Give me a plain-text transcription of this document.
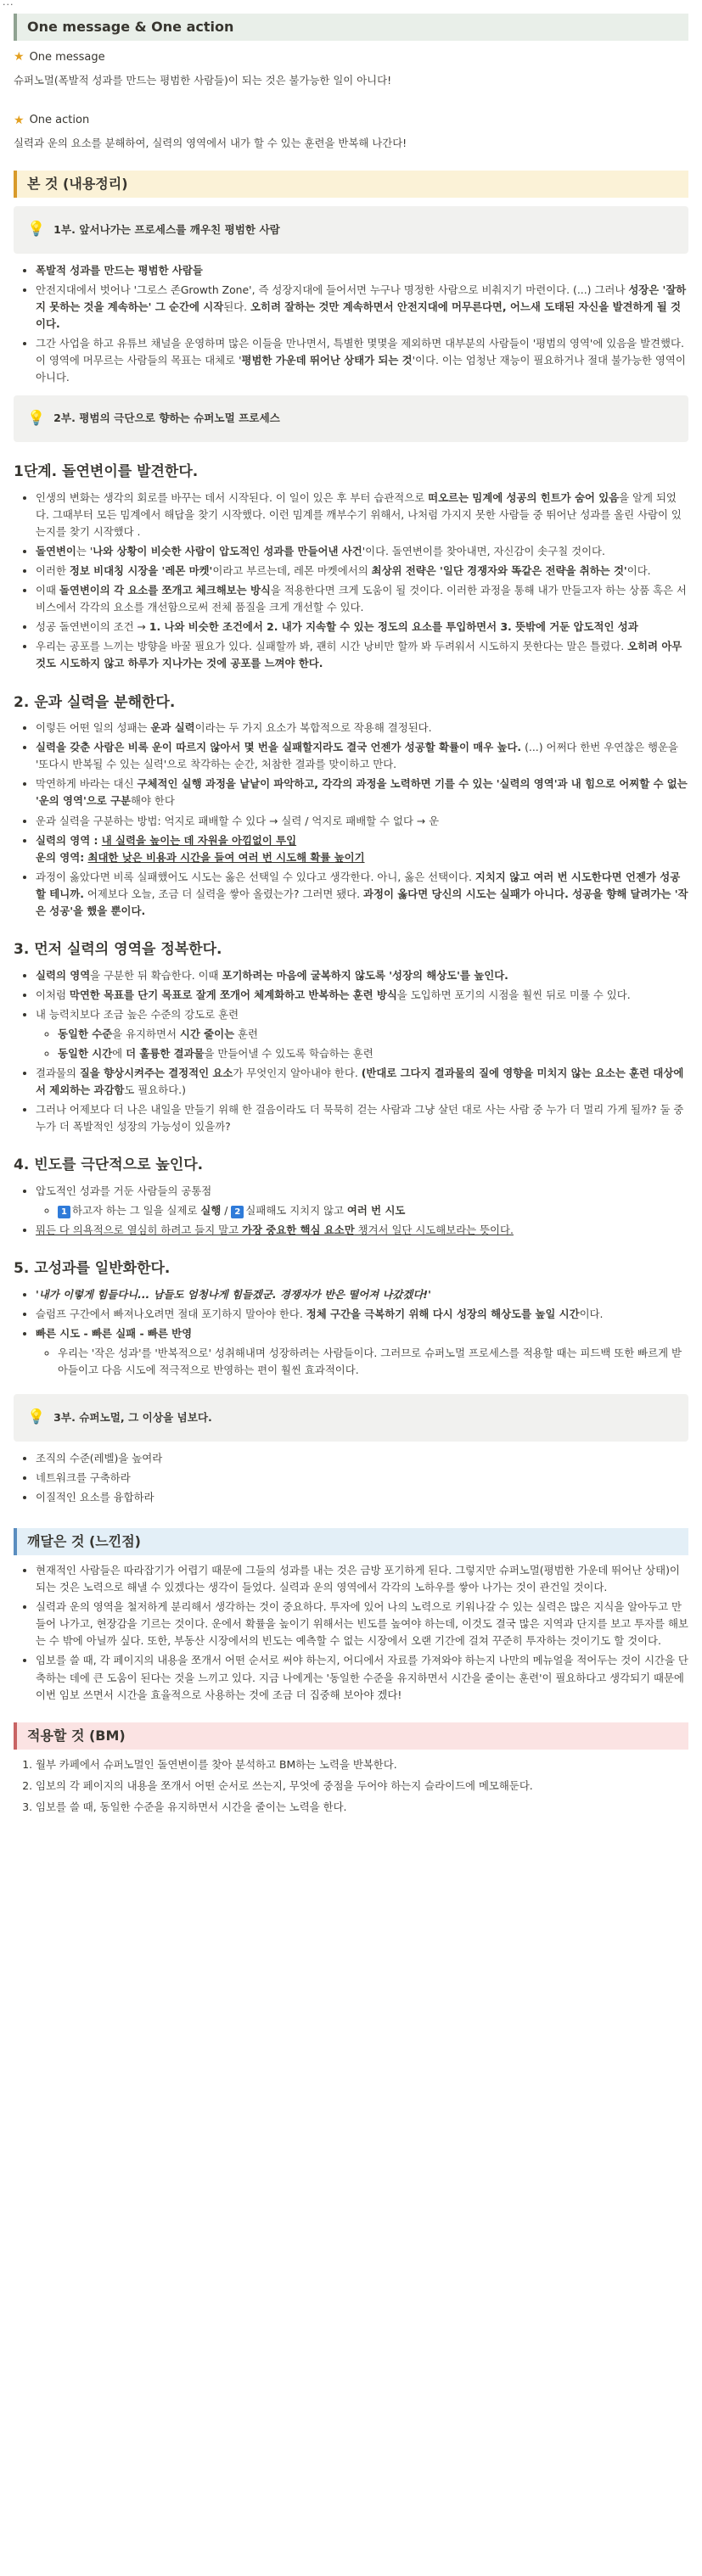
···
One message & One action
★ One message
슈퍼노멀(폭발적 성과를 만드는 평범한 사람들)이 되는 것은 불가능한 일이 아니다!
★ One action
실력과 운의 요소를 분해하여, 실력의 영역에서 내가 할 수 있는 훈련을 반복해 나간다!
본 것 (내용정리)
💡 1부. 앞서나가는 프로세스를 깨우친 평범한 사람
• 폭발적 성과를 만드는 평범한 사람들
• 안전지대에서 벗어나 '그로스 존Growth Zone', 즉 성장지대에 들어서면 누구나 명정한 사람으로 비춰지기 마련이다. (...) 그러나 성장은 '잘하지 못하는 것을 계속하는' 그 순간에 시작된다. 오히려 잘하는 것만 계속하면서 안전지대에 머무른다면, 어느새 도태된 자신을 발견하게 될 것이다.
• 그간 사업을 하고 유튜브 채널을 운영하며 많은 이들을 만나면서, 특별한 몇몇을 제외하면 대부분의 사람들이 '평범의 영역'에 있음을 발견했다. 이 영역에 머무르는 사람들의 목표는 대체로 '평범한 가운데 뛰어난 상태가 되는 것'이다. 이는 엄청난 재능이 필요하거나 절대 불가능한 영역이 아니다.
💡 2부. 평범의 극단으로 향하는 슈퍼노멀 프로세스
1단계. 돌연변이를 발견한다.
• 인생의 변화는 생각의 회로를 바꾸는 데서 시작된다. 이 일이 있은 후 부터 습관적으로 떠오르는 밈계에 성공의 힌트가 숨어 있음을 알게 되었다. 그때부터 모든 밈계에서 해답을 찾기 시작했다. 이런 밈계를 깨부수기 위해서, 나처럼 가지지 못한 사람들 중 뛰어난 성과를 올린 사람이 있는지를 찾기 시작했다 .
• 돌연변이는 '나와 상황이 비슷한 사람이 압도적인 성과를 만들어낸 사건'이다. 돌연변이를 찾아내면, 자신감이 솟구칠 것이다.
• 이러한 정보 비대칭 시장을 '레몬 마켓'이라고 부르는데, 레몬 마켓에서의 최상위 전략은 '일단 경쟁자와 똑같은 전략을 취하는 것'이다.
• 이때 돌연변이의 각 요소를 쪼개고 체크해보는 방식을 적용한다면 크게 도움이 될 것이다. 이러한 과정을 통해 내가 만들고자 하는 상품 혹은 서비스에서 각각의 요소를 개선함으로써 전체 품질을 크게 개선할 수 있다.
• 성공 돌연변이의 조건 → 1. 나와 비슷한 조건에서 2. 내가 지속할 수 있는 정도의 요소를 투입하면서 3. 뜻밖에 거둔 압도적인 성과
• 우리는 공포를 느끼는 방향을 바꿀 필요가 있다. 실패할까 봐, 괜히 시간 낭비만 할까 봐 두려워서 시도하지 못한다는 말은 틀렸다. 오히려 아무것도 시도하지 않고 하루가 지나가는 것에 공포를 느껴야 한다.
2. 운과 실력을 분해한다.
• 이렇든 어떤 일의 성패는 운과 실력이라는 두 가지 요소가 복합적으로 작용해 결정된다.
• 실력을 갖춘 사람은 비록 운이 따르지 않아서 몇 번을 실패할지라도 결국 언젠가 성공할 확률이 매우 높다. (...) 어쩌다 한번 우연찮은 행운을 '또다시 반복될 수 있는 실력'으로 착각하는 순간, 처참한 결과를 맞이하고 만다.
• 막연하게 바라는 대신 구체적인 실행 과정을 낱낱이 파악하고, 각각의 과정을 노력하면 기를 수 있는 '실력의 영역'과 내 힘으로 어찌할 수 없는 '운의 영역'으로 구분해야 한다
• 운과 실력을 구분하는 방법: 억지로 패배할 수 있다 → 실력 / 억지로 패배할 수 없다 → 운
• 실력의 영역 : 내 실력을 높이는 데 자원을 아낌없이 투입
운의 영역: 최대한 낮은 비용과 시간을 들여 여러 번 시도해 확률 높이기
• 과정이 옳았다면 비록 실패했어도 시도는 옳은 선택일 수 있다고 생각한다. 아니, 옳은 선택이다. 지치지 않고 여러 번 시도한다면 언젠가 성공할 테니까. 어제보다 오늘, 조금 더 실력을 쌓아 올렸는가? 그러면 됐다. 과정이 옳다면 당신의 시도는 실패가 아니다. 성공을 향해 달려가는 '작은 성공'을 했을 뿐이다.
3. 먼저 실력의 영역을 정복한다.
• 실력의 영역을 구분한 뒤 확습한다. 이때 포기하려는 마음에 굴복하지 않도록 '성장의 해상도'를 높인다.
• 이처럼 막연한 목표를 단기 목표로 잘게 쪼개어 체계화하고 반복하는 훈련 방식을 도입하면 포기의 시점을 훨씬 뒤로 미룰 수 있다.
• 내 능력치보다 조금 높은 수준의 강도로 훈련
◦ 동일한 수준을 유지하면서 시간 줄이는 훈련
◦ 동일한 시간에 더 훌륭한 결과물을 만들어낼 수 있도록 학습하는 훈련
• 결과물의 질을 향상시켜주는 결정적인 요소가 무엇인지 알아내야 한다. (반대로 그다지 결과물의 질에 영향을 미치지 않는 요소는 훈련 대상에서 제외하는 과감함도 필요하다.)
• 그러나 어제보다 더 나은 내일을 만들기 위해 한 걸음이라도 더 묵묵히 걷는 사람과 그냥 살던 대로 사는 사람 중 누가 더 멀리 가게 될까? 둘 중 누가 더 폭발적인 성장의 가능성이 있을까?
4. 빈도를 극단적으로 높인다.
• 압도적인 성과를 거둔 사람들의 공통점
◦ 1 하고자 하는 그 일을 실제로 실행 / 2 실패해도 지치지 않고 여러 번 시도
• 뭐든 다 의욕적으로 열심히 하려고 들지 말고 가장 중요한 핵심 요소만 챙겨서 일단 시도해보라는 뜻이다.
5. 고성과를 일반화한다.
• '내가 이렇게 힘들다니... 남들도 엄청나게 힘들겠군. 경쟁자가 반은 떨어져 나갔겠다!'
• 슬럼프 구간에서 빠져나오려면 절대 포기하지 말아야 한다. 정체 구간을 극복하기 위해 다시 성장의 해상도를 높일 시간이다.
• 빠른 시도 - 빠른 실패 - 빠른 반영
◦ 우리는 '작은 성과'를 '반복적으로' 성취해내며 성장하려는 사람들이다. 그러므로 슈퍼노멀 프로세스를 적용할 때는 피드백 또한 빠르게 받아들이고 다음 시도에 적극적으로 반영하는 편이 훨씬 효과적이다.
💡 3부. 슈퍼노멀, 그 이상을 넘보다.
• 조직의 수준(레벨)을 높여라
• 네트워크를 구축하라
• 이질적인 요소를 융합하라
깨달은 것 (느낀점)
• 현재적인 사람들은 따라잡기가 어렵기 때문에 그들의 성과를 내는 것은 금방 포기하게 된다. 그렇지만 슈퍼노멀(평범한 가운데 뛰어난 상태)이 되는 것은 노력으로 해낼 수 있겠다는 생각이 들었다. 실력과 운의 영역에서 각각의 노하우를 쌓아 나가는 것이 관건일 것이다.
• 실력과 운의 영역을 철저하게 분리해서 생각하는 것이 중요하다. 투자에 있어 나의 노력으로 키워나갈 수 있는 실력은 많은 지식을 알아두고 만들어 나가고, 현장감을 기르는 것이다. 운에서 확률을 높이기 위해서는 빈도를 높여야 하는데, 이것도 결국 많은 지역과 단지를 보고 투자를 해보는 수 밖에 아닐까 싶다. 또한, 부동산 시장에서의 빈도는 예측할 수 없는 시장에서 오랜 기간에 걸쳐 꾸준히 투자하는 것이기도 할 것이다.
• 임보를 쓸 때, 각 페이지의 내용을 쪼개서 어떤 순서로 써야 하는지, 어디에서 자료를 가져와야 하는지 나만의 메뉴얼을 적어두는 것이 시간을 단축하는 데에 큰 도움이 된다는 것을 느끼고 있다. 지금 나에게는 '동일한 수준을 유지하면서 시간을 줄이는 훈련'이 필요하다고 생각되기 때문에 이번 임보 쓰면서 시간을 효율적으로 사용하는 것에 조금 더 집중해 보아야 겠다!
적용할 것 (BM)
1. 월부 카페에서 슈퍼노멀인 돌연변이를 찾아 분석하고 BM하는 노력을 반복한다.
2. 임보의 각 페이지의 내용을 쪼개서 어떤 순서로 쓰는지, 무엇에 중점을 두어야 하는지 슬라이드에 메모해둔다.
3. 임보를 쓸 때, 동일한 수준을 유지하면서 시간을 줄이는 노력을 한다.
